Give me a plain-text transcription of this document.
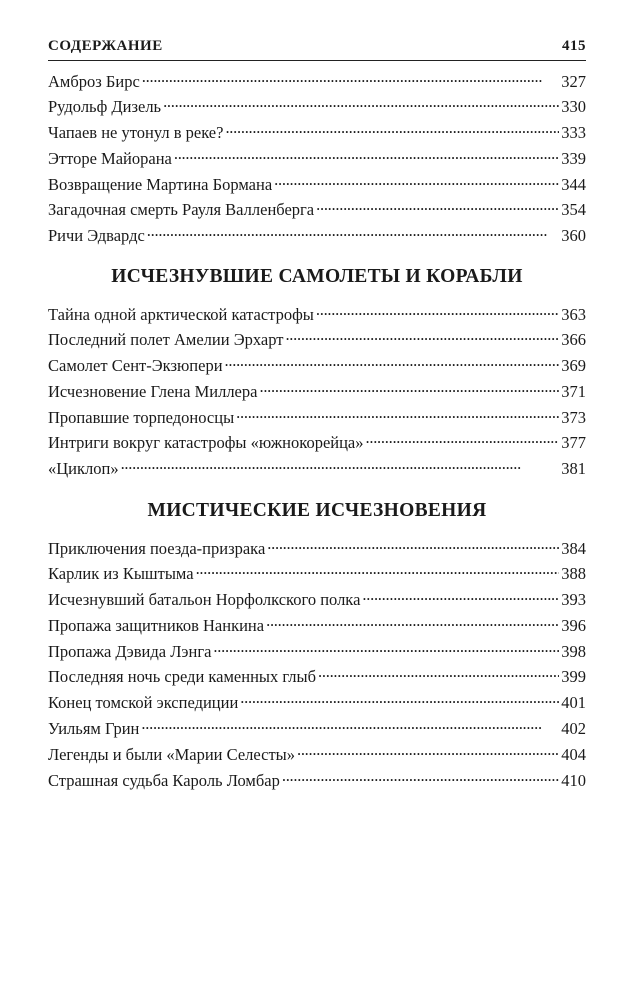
СОДЕРЖАНИЕ	415
Амброз Бирс . . .	327
Рудольф Дизель . . .	330
Чапаев не утонул в реке? . . .	333
Этторе Майорана . . .	339
Возвращение Мартина Бормана . . .	344
Загадочная смерть Рауля Валленберга . . .	354
Ричи Эдвардс . . .	360
ИСЧЕЗНУВШИЕ САМОЛЕТЫ И КОРАБЛИ
Тайна одной арктической катастрофы . . .	363
Последний полет Амелии Эрхарт . . .	366
Самолет Сент-Экзюпери . . .	369
Исчезновение Глена Миллера . . .	371
Пропавшие торпедоносцы . . .	373
Интриги вокруг катастрофы «южнокорейца» . . .	377
«Циклоп» . . .	381
МИСТИЧЕСКИЕ ИСЧЕЗНОВЕНИЯ
Приключения поезда-призрака . . .	384
Карлик из Кыштыма . . .	388
Исчезнувший батальон Норфолкского полка . . .	393
Пропажа защитников Нанкина . . .	396
Пропажа Дэвида Лэнга . . .	398
Последняя ночь среди каменных глыб . . .	399
Конец томской экспедиции . . .	401
Уильям Грин . . .	402
Легенды и были «Марии Селесты» . . .	404
Страшная судьба Кароль Ломбар . . .	410
